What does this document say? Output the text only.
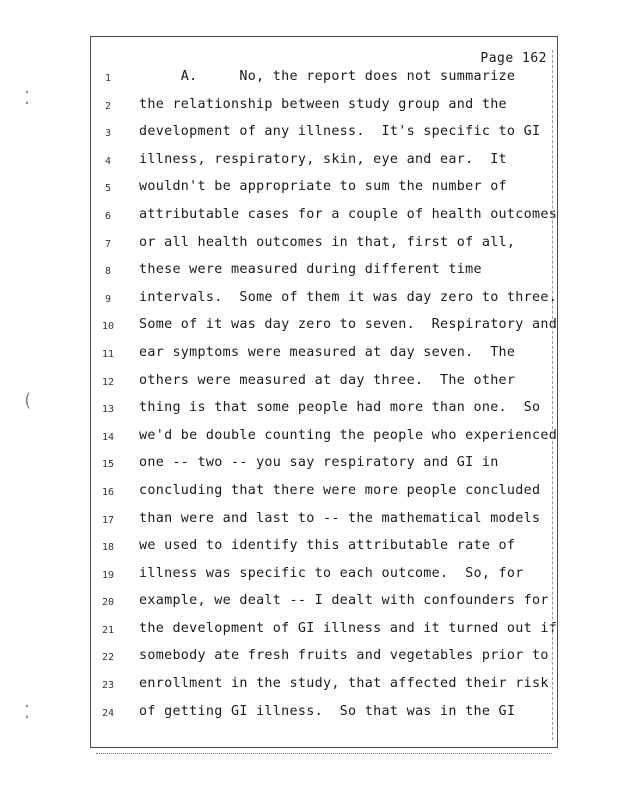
⁚
(
⁚
Page 162
1	A.     No, the report does not summarize
2	the relationship between study group and the
3	development of any illness.  It's specific to GI
4	illness, respiratory, skin, eye and ear.  It
5	wouldn't be appropriate to sum the number of
6	attributable cases for a couple of health outcomes
7	or all health outcomes in that, first of all,
8	these were measured during different time
9	intervals.  Some of them it was day zero to three.
10	Some of it was day zero to seven.  Respiratory and
11	ear symptoms were measured at day seven.  The
12	others were measured at day three.  The other
13	thing is that some people had more than one.  So
14	we'd be double counting the people who experienced
15	one -- two -- you say respiratory and GI in
16	concluding that there were more people concluded
17	than were and last to -- the mathematical models
18	we used to identify this attributable rate of
19	illness was specific to each outcome.  So, for
20	example, we dealt -- I dealt with confounders for
21	the development of GI illness and it turned out if
22	somebody ate fresh fruits and vegetables prior to
23	enrollment in the study, that affected their risk
24	of getting GI illness.  So that was in the GI
